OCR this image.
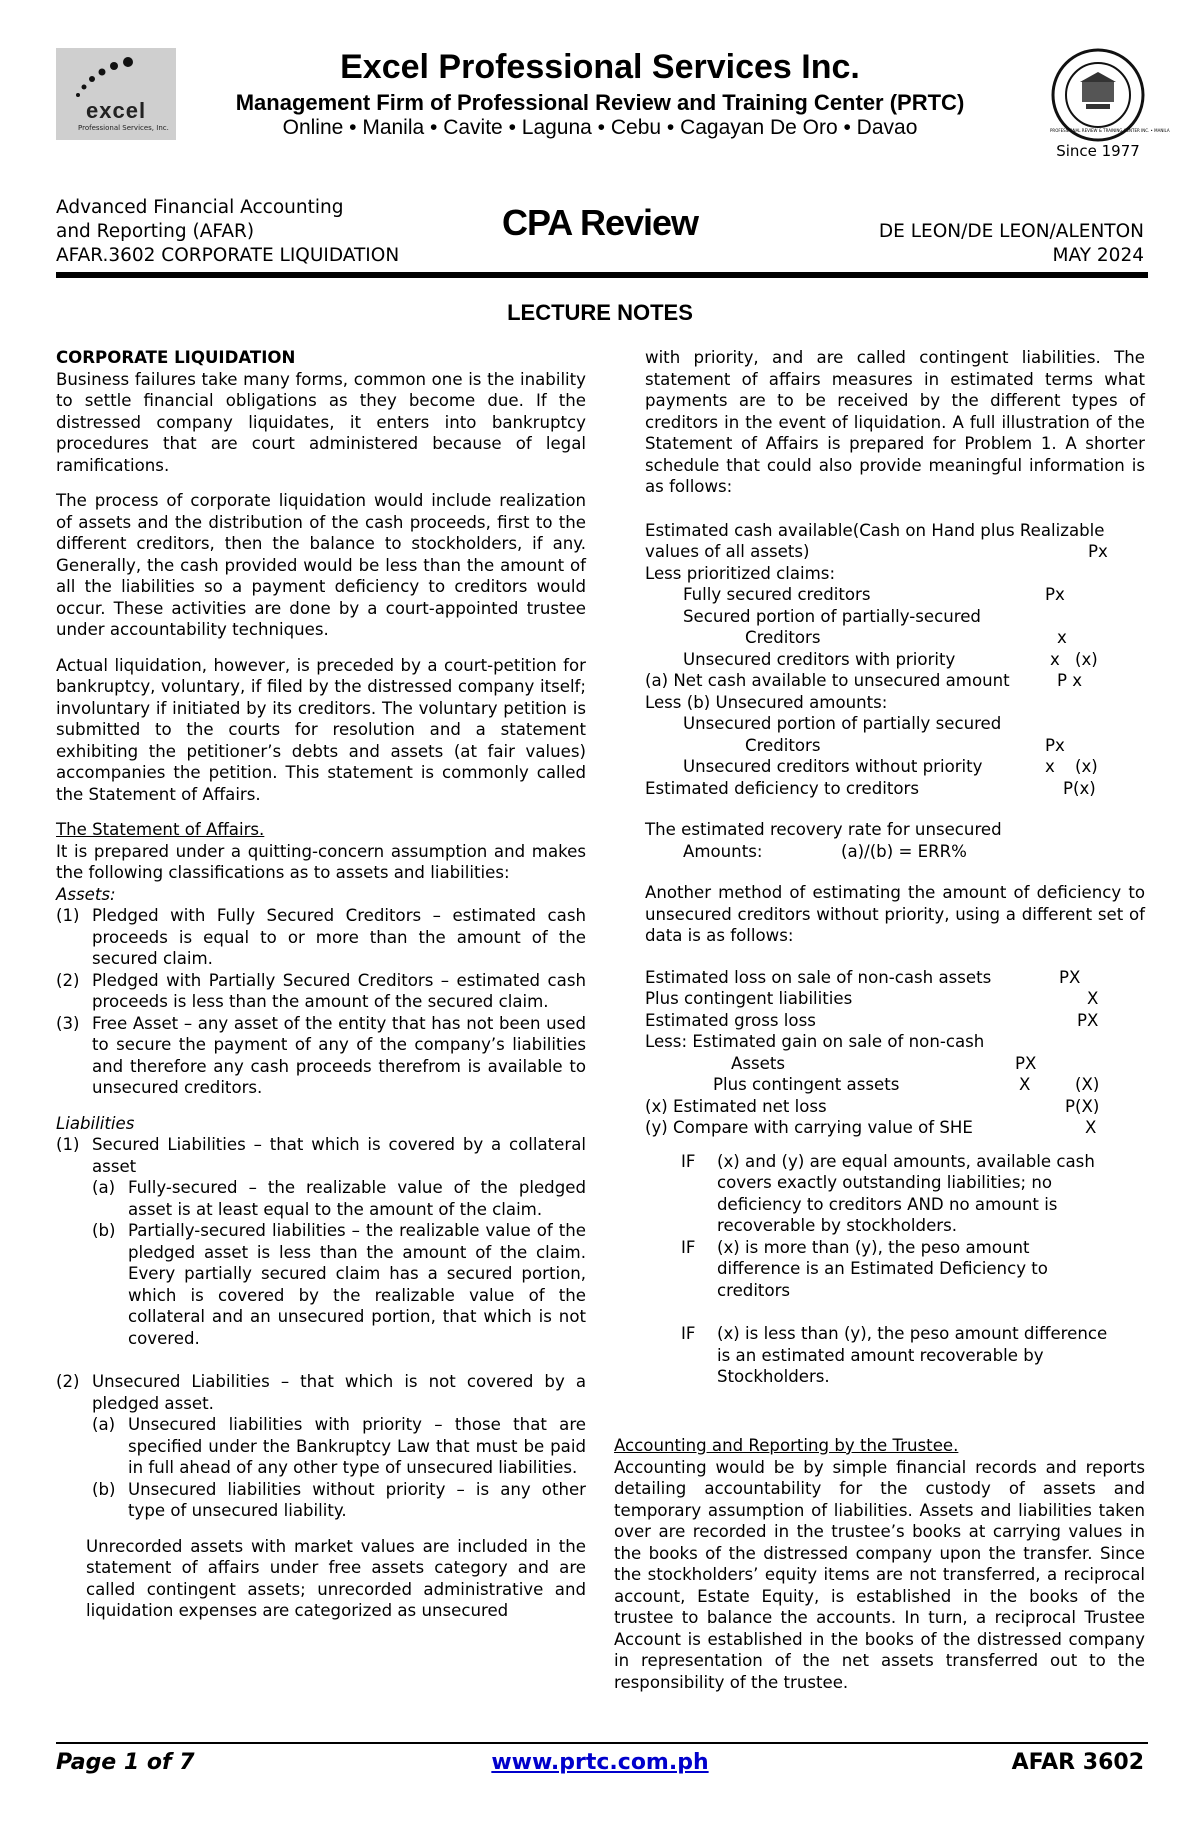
excel
Professional Services, Inc.
Excel Professional Services Inc.
Management Firm of Professional Review and Training Center (PRTC)
Online • Manila • Cavite • Laguna • Cebu • Cagayan De Oro • Davao	PROFESSIONAL REVIEW & TRAINING CENTER INC. • MANILA
Since 1977
Advanced Financial Accounting
and Reporting (AFAR)
AFAR.3602 CORPORATE LIQUIDATION
CPA Review	DE LEON/DE LEON/ALENTON
MAY 2024
LECTURE NOTES

CORPORATE LIQUIDATION

Business failures take many forms, common one is the inability to settle financial obligations as they become due. If the distressed company liquidates, it enters into bankruptcy procedures that are court administered because of legal ramifications.

The process of corporate liquidation would include realization of assets and the distribution of the cash proceeds, first to the different creditors, then the balance to stockholders, if any. Generally, the cash provided would be less than the amount of all the liabilities so a payment deficiency to creditors would occur. These activities are done by a court-appointed trustee under accountability techniques.

Actual liquidation, however, is preceded by a court-petition for bankruptcy, voluntary, if filed by the distressed company itself; involuntary if initiated by its creditors. The voluntary petition is submitted to the courts for resolution and a statement exhibiting the petitioner’s debts and assets (at fair values) accompanies the petition. This statement is commonly called the Statement of Affairs.

The Statement of Affairs.

It is prepared under a quitting-concern assumption and makes the following classifications as to assets and liabilities:

Assets:

(1) Pledged with Fully Secured Creditors – estimated cash proceeds is equal to or more than the amount of the secured claim.
(2) Pledged with Partially Secured Creditors – estimated cash proceeds is less than the amount of the secured claim.
(3) Free Asset – any asset of the entity that has not been used to secure the payment of any of the company’s liabilities and therefore any cash proceeds therefrom is available to unsecured creditors.

Liabilities

(1) Secured Liabilities – that which is covered by a collateral asset
(a) Fully-secured – the realizable value of the pledged asset is at least equal to the amount of the claim.
(b) Partially-secured liabilities – the realizable value of the pledged asset is less than the amount of the claim. Every partially secured claim has a secured portion, which is covered by the realizable value of the collateral and an unsecured portion, that which is not covered.
(2) Unsecured Liabilities – that which is not covered by a pledged asset.
(a) Unsecured liabilities with priority – those that are specified under the Bankruptcy Law that must be paid in full ahead of any other type of unsecured liabilities.
(b) Unsecured liabilities without priority – is any other type of unsecured liability.

Unrecorded assets with market values are included in the statement of affairs under free assets category and are called contingent assets; unrecorded administrative and liquidation expenses are categorized as unsecured

with priority, and are called contingent liabilities. The statement of affairs measures in estimated terms what payments are to be received by the different types of creditors in the event of liquidation. A full illustration of the Statement of Affairs is prepared for Problem 1. A shorter schedule that could also provide meaningful information is as follows:

Estimated cash available(Cash on Hand plus Realizable
values of all assets)	Px
Less prioritized claims:
Fully secured creditors	Px
Secured portion of partially-secured
Creditors	x
Unsecured creditors with priority	x (x)
(a) Net cash available to unsecured amount	P x
Less (b) Unsecured amounts:
Unsecured portion of partially secured
Creditors	Px
Unsecured creditors without priority	x (x)
Estimated deficiency to creditors	P(x)
The estimated recovery rate for unsecured
Amounts:	(a)/(b) = ERR%

Another method of estimating the amount of deficiency to unsecured creditors without priority, using a different set of data is as follows:

Estimated loss on sale of non-cash assets	PX
Plus contingent liabilities	X
Estimated gross loss	PX
Less: Estimated gain on sale of non-cash
Assets	PX
Plus contingent assets	X	(X)
(x) Estimated net loss	P(X)
(y) Compare with carrying value of SHE	X
IF (x) and (y) are equal amounts, available cash covers exactly outstanding liabilities; no deficiency to creditors AND no amount is recoverable by stockholders.
IF (x) is more than (y), the peso amount difference is an Estimated Deficiency to creditors
IF (x) is less than (y), the peso amount difference is an estimated amount recoverable by Stockholders.

Accounting and Reporting by the Trustee.

Accounting would be by simple financial records and reports detailing accountability for the custody of assets and temporary assumption of liabilities. Assets and liabilities taken over are recorded in the trustee’s books at carrying values in the books of the distressed company upon the transfer. Since the stockholders’ equity items are not transferred, a reciprocal account, Estate Equity, is established in the books of the trustee to balance the accounts. In turn, a reciprocal Trustee Account is established in the books of the distressed company in representation of the net assets transferred out to the responsibility of the trustee.

Page 1 of 7	www.prtc.com.ph	AFAR 3602
